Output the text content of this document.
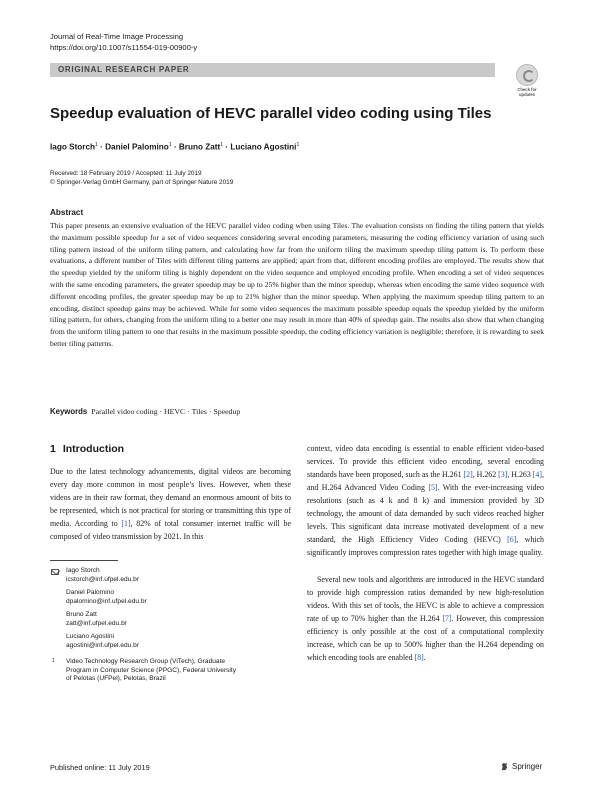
Journal of Real-Time Image Processing
https://doi.org/10.1007/s11554-019-00900-y
ORIGINAL RESEARCH PAPER
Check for
updates
Speedup evaluation of HEVC parallel video coding using Tiles
Iago Storch$^1$ · Daniel Palomino$^1$ · Bruno Zatt$^1$ · Luciano Agostini$^1$
Received: 18 February 2019 / Accepted: 11 July 2019
© Springer-Verlag GmbH Germany, part of Springer Nature 2019
Abstract

This paper presents an extensive evaluation of the HEVC parallel video coding when using Tiles. The evaluation consists on finding the tiling pattern that yields the maximum possible speedup for a set of video sequences considering several encoding parameters, measuring the coding efficiency variation of using such tiling pattern instead of the uniform tiling pattern, and calculating how far from the uniform tiling the maximum speedup tiling pattern is. To perform these evaluations, a different number of Tiles with different tiling patterns are applied; apart from that, different encoding profiles are employed. The results show that the speedup yielded by the uniform tiling is highly dependent on the video sequence and employed encoding profile. When encoding a set of video sequences with the same encoding parameters, the greater speedup may be up to 25% higher than the minor speedup, whereas when encoding the same video sequence with different encoding profiles, the greater speedup may be up to 21% higher than the minor speedup. When applying the maximum speedup tiling pattern to an encoding, distinct speedup gains may be achieved. While for some video sequences the maximum possible speedup equals the speedup yielded by the uniform tiling pattern, for others, changing from the uniform tiling to a better one may result in more than 40% of speedup gain. The results also show that when changing from the uniform tiling pattern to one that results in the maximum possible speedup, the coding efficiency variation is negligible; therefore, it is rewarding to seek better tiling patterns.

Keywords Parallel video coding · HEVC · Tiles · Speedup
1 Introduction

Due to the latest technology advancements, digital videos are becoming every day more common in most people’s lives. However, when these videos are in their raw format, they demand an enormous amount of bits to be represented, which is not practical for storing or transmitting this type of media. According to [1], 82% of total consumer internet traffic will be composed of video transmission by 2021. In this

context, video data encoding is essential to enable efficient video-based services. To provide this efficient video encoding, several encoding standards have been proposed, such as the H.261 [2], H.262 [3], H.263 [4], and H.264 Advanced Video Coding [5]. With the ever-increasing video resolutions (such as 4 k and 8 k) and immersion provided by 3D technology, the amount of data demanded by such videos reached higher levels. This significant data increase motivated development of a new standard, the High Efficiency Video Coding (HEVC) [6], which significantly improves compression rates together with high image quality.

Several new tools and algorithms are introduced in the HEVC standard to provide high compression ratios demanded by new high-resolution videos. With this set of tools, the HEVC is able to achieve a compression rate of up to 70% higher than the H.264 [7]. However, this compression efficiency is only possible at the cost of a computational complexity increase, which can be up to 500% higher than the H.264 depending on which encoding tools are enabled [8].

Iago Storch
icstorch@inf.ufpel.edu.br
Daniel Palomino
dpalomino@inf.ufpel.edu.br
Bruno Zatt
zatt@inf.ufpel.edu.br
Luciano Agostini
agostini@inf.ufpel.edu.br
1 Video Technology Research Group (ViTech), Graduate
Program in Computer Science (PPGC), Federal University
of Pelotas (UFPel), Pelotas, Brazil
Published online: 11 July 2019	Springer
